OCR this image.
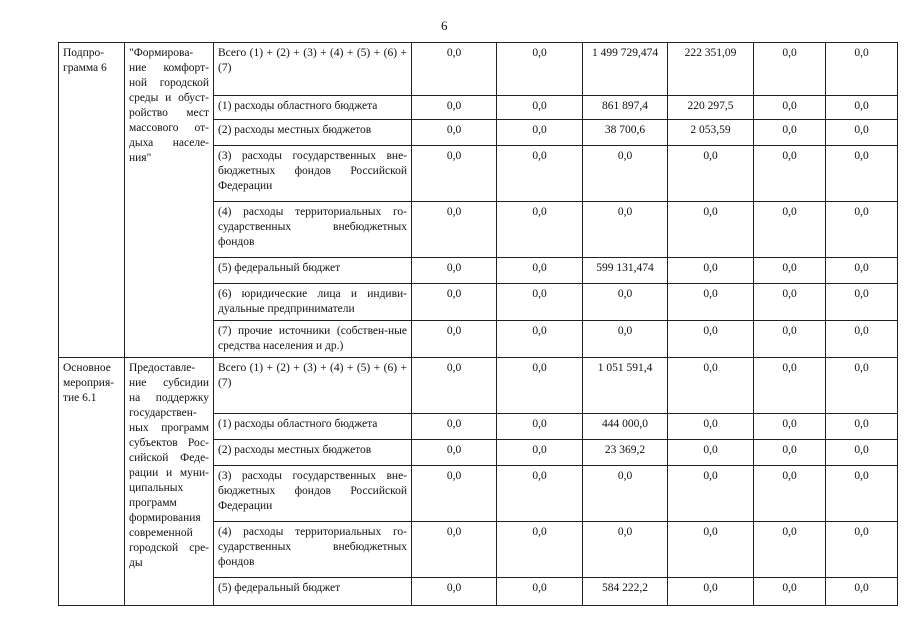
6
Подпро-грамма 6	"Формирова-ние комфорт-ной городской среды и обуст-ройство мест массового от-дыха населе-ния"	Всего (1) + (2) + (3) + (4) + (5) + (6) + (7)	0,0	0,0	1 499 729,474	222 351,09	0,0	0,0
		(1) расходы областного бюджета	0,0	0,0	861 897,4	220 297,5	0,0	0,0
		(2) расходы местных бюджетов	0,0	0,0	38 700,6	2 053,59	0,0	0,0
		(3) расходы государственных вне-бюджетных фондов Российской Федерации	0,0	0,0	0,0	0,0	0,0	0,0
		(4) расходы территориальных го-сударственных внебюджетных фондов	0,0	0,0	0,0	0,0	0,0	0,0
		(5) федеральный бюджет	0,0	0,0	599 131,474	0,0	0,0	0,0
		(6) юридические лица и индиви-дуальные предприниматели	0,0	0,0	0,0	0,0	0,0	0,0
		(7) прочие источники (собствен-ные средства населения и др.)	0,0	0,0	0,0	0,0	0,0	0,0
Основное мероприя-тие 6.1	Предоставле-ние субсидии на поддержку государствен-ных программ субъектов Рос-сийской Феде-рации и муни-ципальных программ формирования современной городской сре-ды	Всего (1) + (2) + (3) + (4) + (5) + (6) + (7)	0,0	0,0	1 051 591,4	0,0	0,0	0,0
		(1) расходы областного бюджета	0,0	0,0	444 000,0	0,0	0,0	0,0
		(2) расходы местных бюджетов	0,0	0,0	23 369,2	0,0	0,0	0,0
		(3) расходы государственных вне-бюджетных фондов Российской Федерации	0,0	0,0	0,0	0,0	0,0	0,0
		(4) расходы территориальных го-сударственных внебюджетных фондов	0,0	0,0	0,0	0,0	0,0	0,0
		(5) федеральный бюджет	0,0	0,0	584 222,2	0,0	0,0	0,0
